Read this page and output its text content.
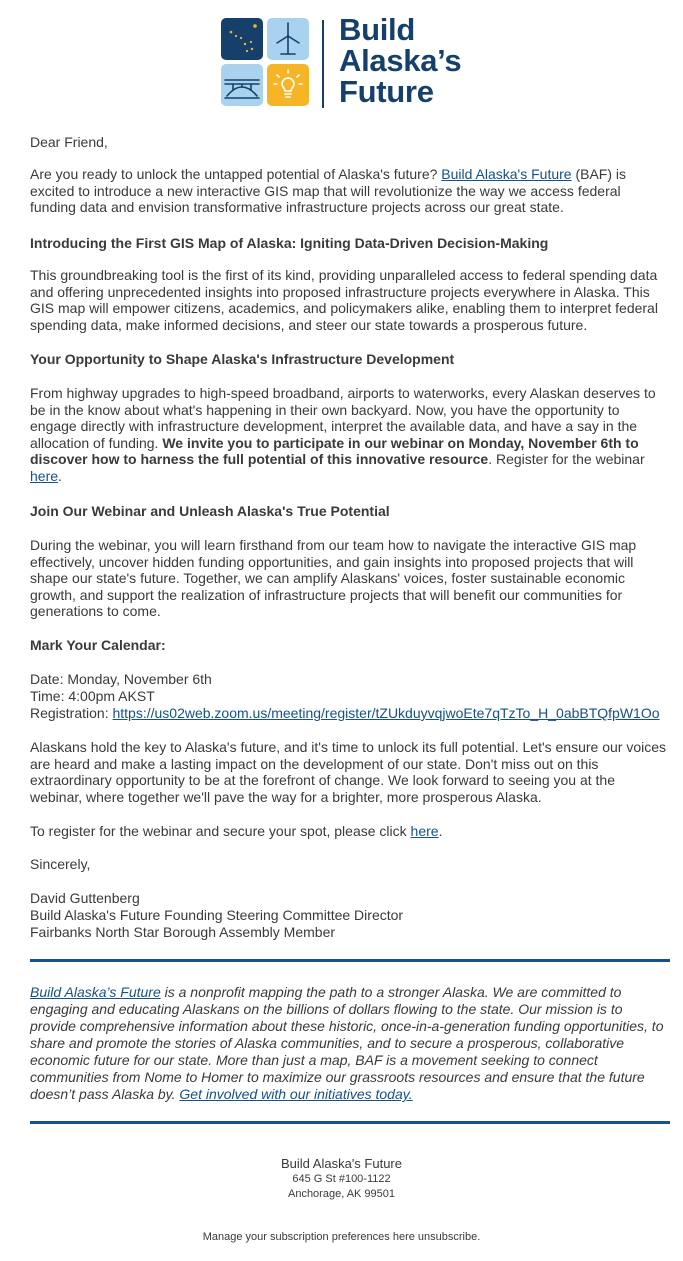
Build
Alaska’s
Future

Dear Friend,

Are you ready to unlock the untapped potential of Alaska's future? Build Alaska's Future (BAF) is excited to introduce a new interactive GIS map that will revolutionize the way we access federal funding data and envision transformative infrastructure projects across our great state.

Introducing the First GIS Map of Alaska: Igniting Data-Driven Decision-Making

This groundbreaking tool is the first of its kind, providing unparalleled access to federal spending data and offering unprecedented insights into proposed infrastructure projects everywhere in Alaska. This GIS map will empower citizens, academics, and policymakers alike, enabling them to interpret federal spending data, make informed decisions, and steer our state towards a prosperous future.

Your Opportunity to Shape Alaska's Infrastructure Development

From highway upgrades to high-speed broadband, airports to waterworks, every Alaskan deserves to be in the know about what's happening in their own backyard. Now, you have the opportunity to engage directly with infrastructure development, interpret the available data, and have a say in the allocation of funding. We invite you to participate in our webinar on Monday, November 6th to discover how to harness the full potential of this innovative resource. Register for the webinar here.

Join Our Webinar and Unleash Alaska's True Potential

During the webinar, you will learn firsthand from our team how to navigate the interactive GIS map effectively, uncover hidden funding opportunities, and gain insights into proposed projects that will shape our state's future. Together, we can amplify Alaskans' voices, foster sustainable economic growth, and support the realization of infrastructure projects that will benefit our communities for generations to come.

Mark Your Calendar:

Date: Monday, November 6th

Time: 4:00pm AKST

Registration: https://us02web.zoom.us/meeting/register/tZUkduyvqjwoEte7qTzTo_H_0abBTQfpW1Oo

Alaskans hold the key to Alaska's future, and it's time to unlock its full potential. Let's ensure our voices are heard and make a lasting impact on the development of our state. Don't miss out on this extraordinary opportunity to be at the forefront of change. We look forward to seeing you at the webinar, where together we'll pave the way for a brighter, more prosperous Alaska.

To register for the webinar and secure your spot, please click here.

Sincerely,

David Guttenberg

Build Alaska's Future Founding Steering Committee Director

Fairbanks North Star Borough Assembly Member

Build Alaska’s Future is a nonprofit mapping the path to a stronger Alaska. We are committed to engaging and educating Alaskans on the billions of dollars flowing to the state. Our mission is to provide comprehensive information about these historic, once-in-a-generation funding opportunities, to share and promote the stories of Alaska communities, and to secure a prosperous, collaborative economic future for our state. More than just a map, BAF is a movement seeking to connect communities from Nome to Homer to maximize our grassroots resources and ensure that the future doesn’t pass Alaska by. Get involved with our initiatives today.
Build Alaska's Future
645 G St #100-1122
Anchorage, AK 99501
Manage your subscription preferences here unsubscribe.
